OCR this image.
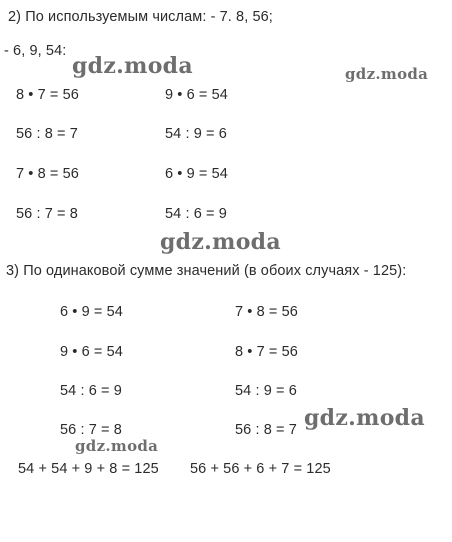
2) По используемым числам: - 7. 8, 56;
- 6, 9, 54:
8 • 7 = 56
56 : 8 = 7
7 • 8 = 56
56 : 7 = 8
9 • 6 = 54
54 : 9 = 6
6 • 9 = 54
54 : 6 = 9
3) По одинаковой сумме значений (в обоих случаях - 125):
6 • 9 = 54
9 • 6 = 54
54 : 6 = 9
56 : 7 = 8
7 • 8 = 56
8 • 7 = 56
54 : 9 = 6
56 : 8 = 7
54 + 54 + 9 + 8 = 125 56 + 56 + 6 + 7 = 125
gdz.moda	gdz.moda
gdz.moda
gdz.moda
gdz.moda
